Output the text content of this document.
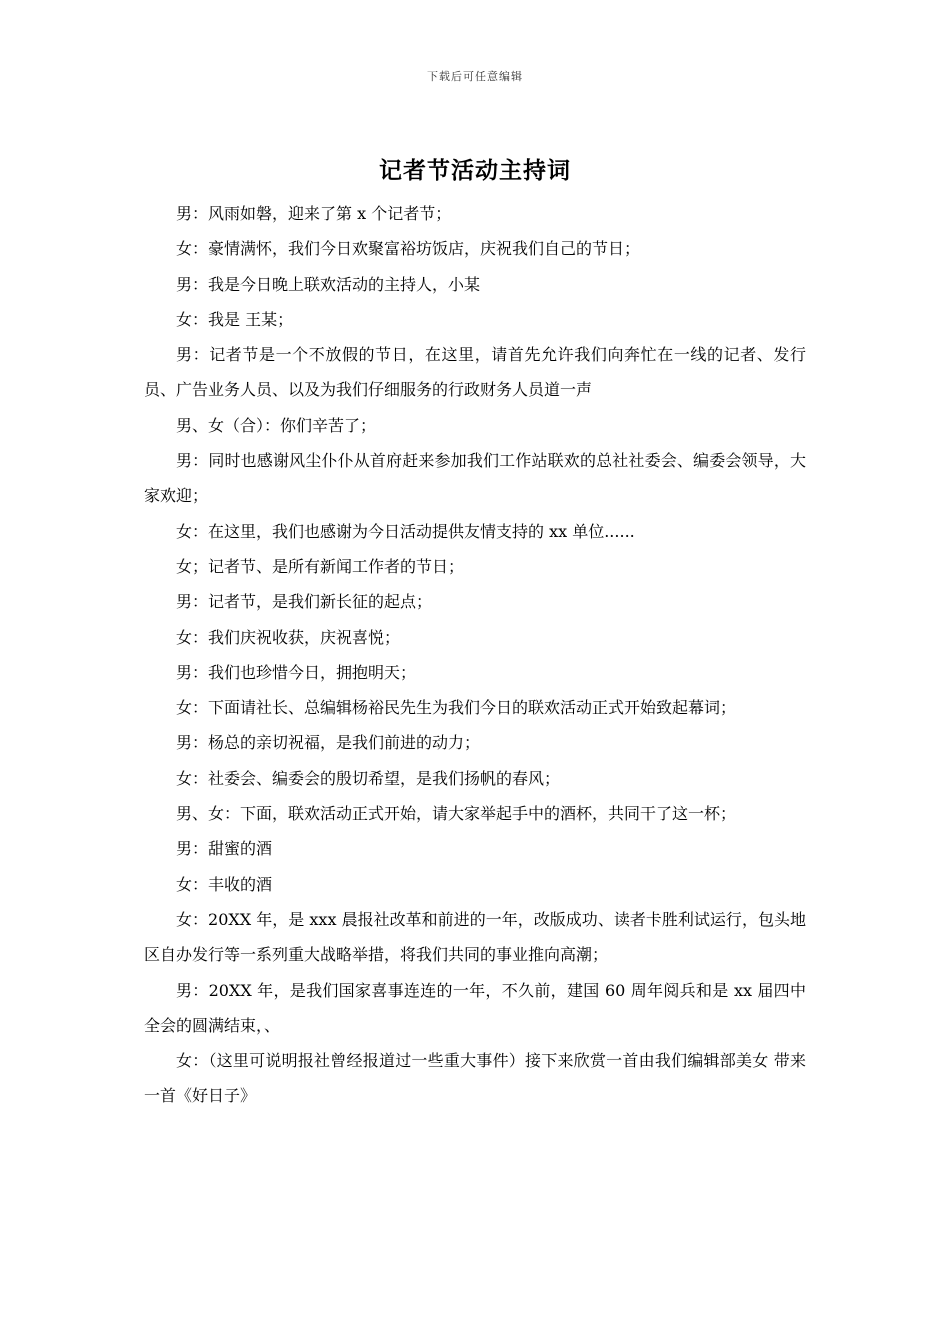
下载后可任意编辑
记者节活动主持词

男：风雨如磐，迎来了第 x 个记者节；

女：豪情满怀，我们今日欢聚富裕坊饭店，庆祝我们自己的节日；

男：我是今日晚上联欢活动的主持人，小某

女：我是 王某；

男：记者节是一个不放假的节日，在这里，请首先允许我们向奔忙在一线的记者、发行员、广告业务人员、以及为我们仔细服务的行政财务人员道一声

男、女（合）：你们辛苦了；

男：同时也感谢风尘仆仆从首府赶来参加我们工作站联欢的总社社委会、编委会领导，大家欢迎；

女：在这里，我们也感谢为今日活动提供友情支持的 xx 单位......

女；记者节、是所有新闻工作者的节日；

男：记者节，是我们新长征的起点；

女：我们庆祝收获，庆祝喜悦；

男：我们也珍惜今日，拥抱明天；

女：下面请社长、总编辑杨裕民先生为我们今日的联欢活动正式开始致起幕词；

男：杨总的亲切祝福，是我们前进的动力；

女：社委会、编委会的殷切希望，是我们扬帆的春风；

男、女：下面，联欢活动正式开始，请大家举起手中的酒杯，共同干了这一杯；

男：甜蜜的酒

女：丰收的酒

女：20XX 年，是 xxx 晨报社改革和前进的一年，改版成功、读者卡胜利试运行，包头地区自办发行等一系列重大战略举措，将我们共同的事业推向高潮；

男：20XX 年，是我们国家喜事连连的一年，不久前，建国 60 周年阅兵和是 xx 届四中全会的圆满结束，、

女：（这里可说明报社曾经报道过一些重大事件）接下来欣赏一首由我们编辑部美女 带来一首《好日子》
